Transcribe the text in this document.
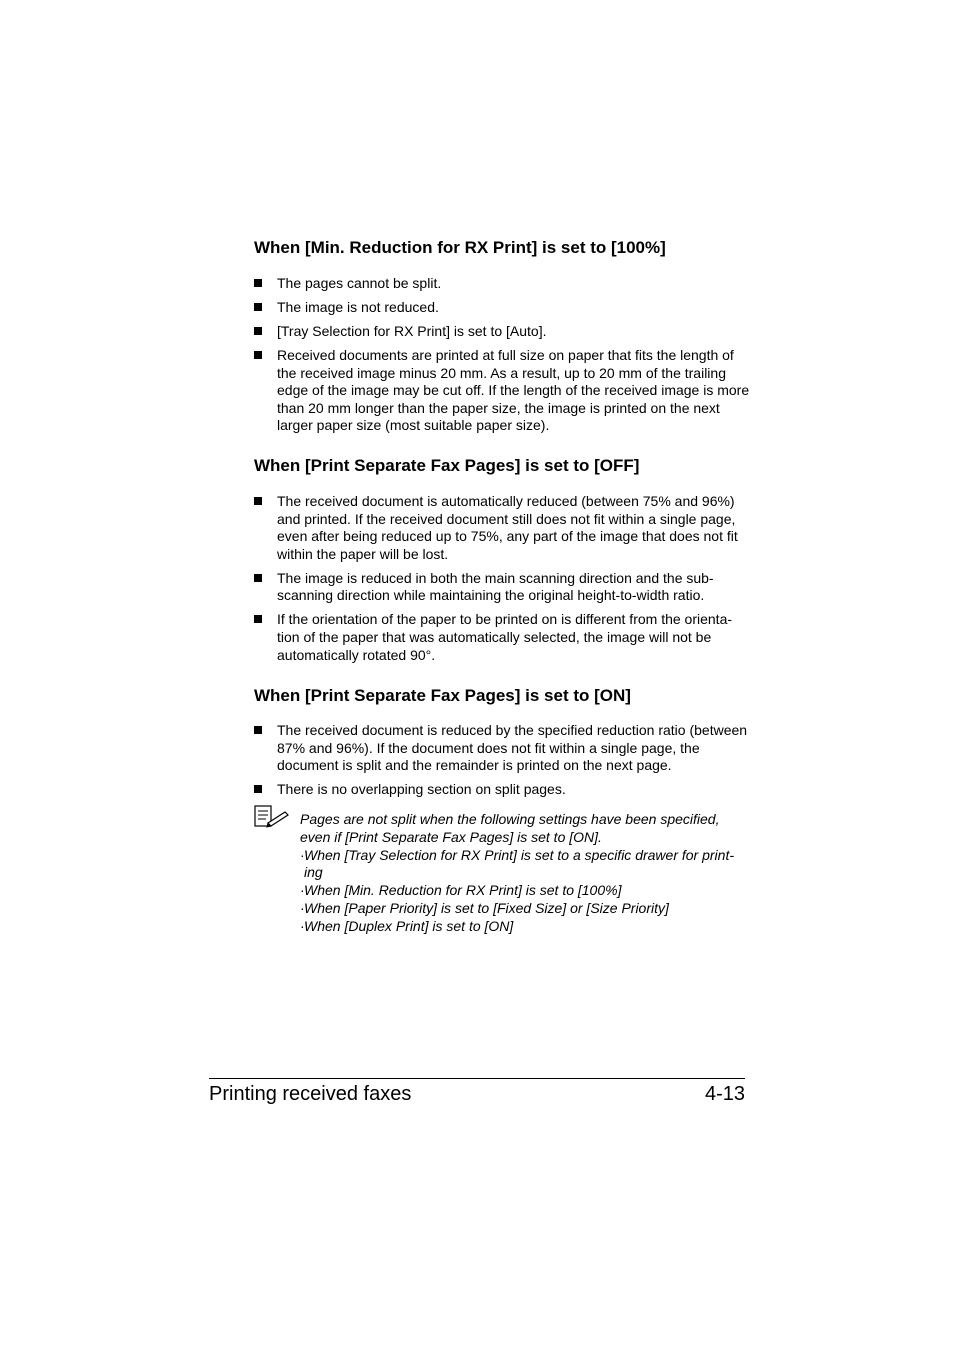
When [Min. Reduction for RX Print] is set to [100%]
The pages cannot be split.
The image is not reduced.
[Tray Selection for RX Print] is set to [Auto].
Received documents are printed at full size on paper that fits the length of the received image minus 20 mm. As a result, up to 20 mm of the trailing edge of the image may be cut off. If the length of the received image is more than 20 mm longer than the paper size, the image is printed on the next larger paper size (most suitable paper size).
When [Print Separate Fax Pages] is set to [OFF]
The received document is automatically reduced (between 75% and 96%) and printed. If the received document still does not fit within a single page, even after being reduced up to 75%, any part of the image that does not fit within the paper will be lost.
The image is reduced in both the main scanning direction and the sub-scanning direction while maintaining the original height-to-width ratio.
If the orientation of the paper to be printed on is different from the orienta-tion of the paper that was automatically selected, the image will not be automatically rotated 90°.
When [Print Separate Fax Pages] is set to [ON]
The received document is reduced by the specified reduction ratio (between 87% and 96%). If the document does not fit within a single page, the document is split and the remainder is printed on the next page.
There is no overlapping section on split pages.

Pages are not split when the following settings have been specified, even if [Print Separate Fax Pages] is set to [ON].

· When [Tray Selection for RX Print] is set to a specific drawer for print-ing
· When [Min. Reduction for RX Print] is set to [100%]
· When [Paper Priority] is set to [Fixed Size] or [Size Priority]
· When [Duplex Print] is set to [ON]
Printing received faxes	4-13
